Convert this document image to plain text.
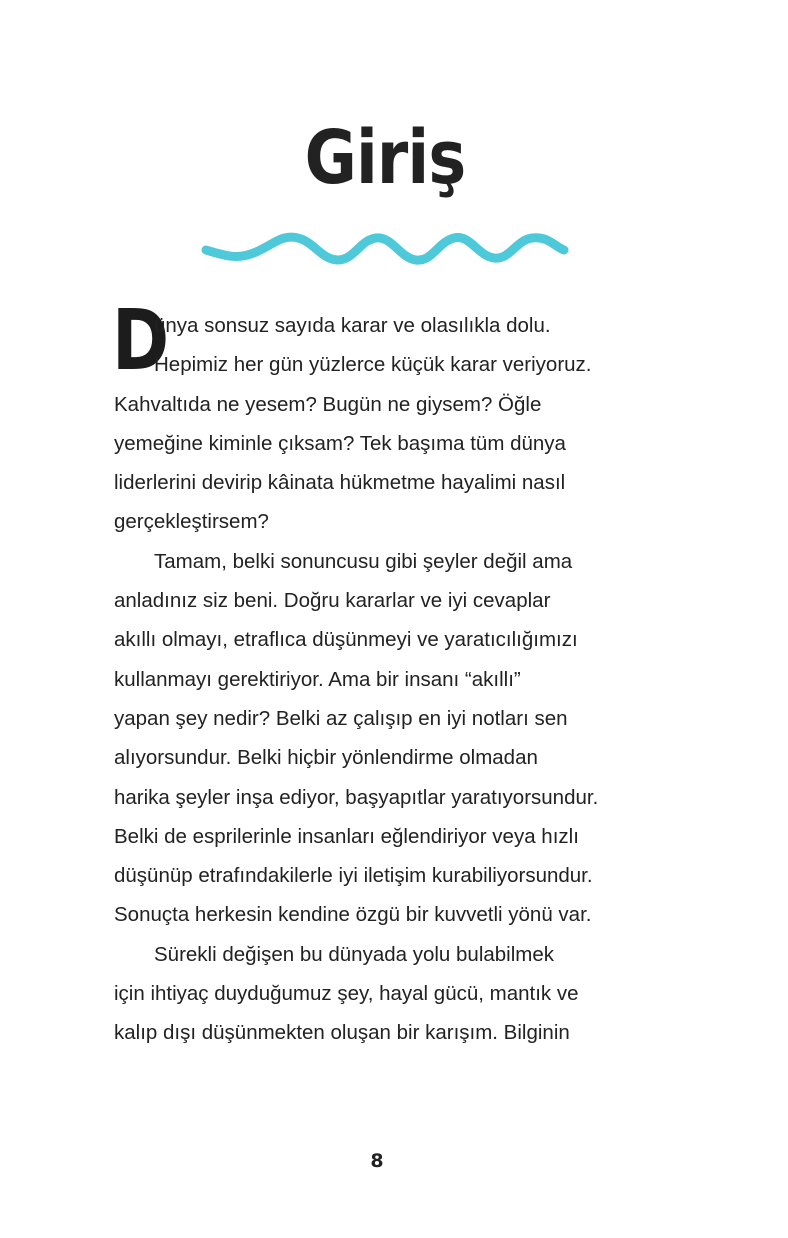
Giriş
D
ünya sonsuz sayıda karar ve olasılıkla dolu.
Hepimiz her gün yüzlerce küçük karar veriyoruz.
Kahvaltıda ne yesem? Bugün ne giysem? Öğle
yemeğine kiminle çıksam? Tek başıma tüm dünya
liderlerini devirip kâinata hükmetme hayalimi nasıl
gerçekleştirsem?
Tamam, belki sonuncusu gibi şeyler değil ama
anladınız siz beni. Doğru kararlar ve iyi cevaplar
akıllı olmayı, etraflıca düşünmeyi ve yaratıcılığımızı
kullanmayı gerektiriyor. Ama bir insanı “akıllı”
yapan şey nedir? Belki az çalışıp en iyi notları sen
alıyorsundur. Belki hiçbir yönlendirme olmadan
harika şeyler inşa ediyor, başyapıtlar yaratıyorsundur.
Belki de esprilerinle insanları eğlendiriyor veya hızlı
düşünüp etrafındakilerle iyi iletişim kurabiliyorsundur.
Sonuçta herkesin kendine özgü bir kuvvetli yönü var.
Sürekli değişen bu dünyada yolu bulabilmek
için ihtiyaç duyduğumuz şey, hayal gücü, mantık ve
kalıp dışı düşünmekten oluşan bir karışım. Bilginin
8
